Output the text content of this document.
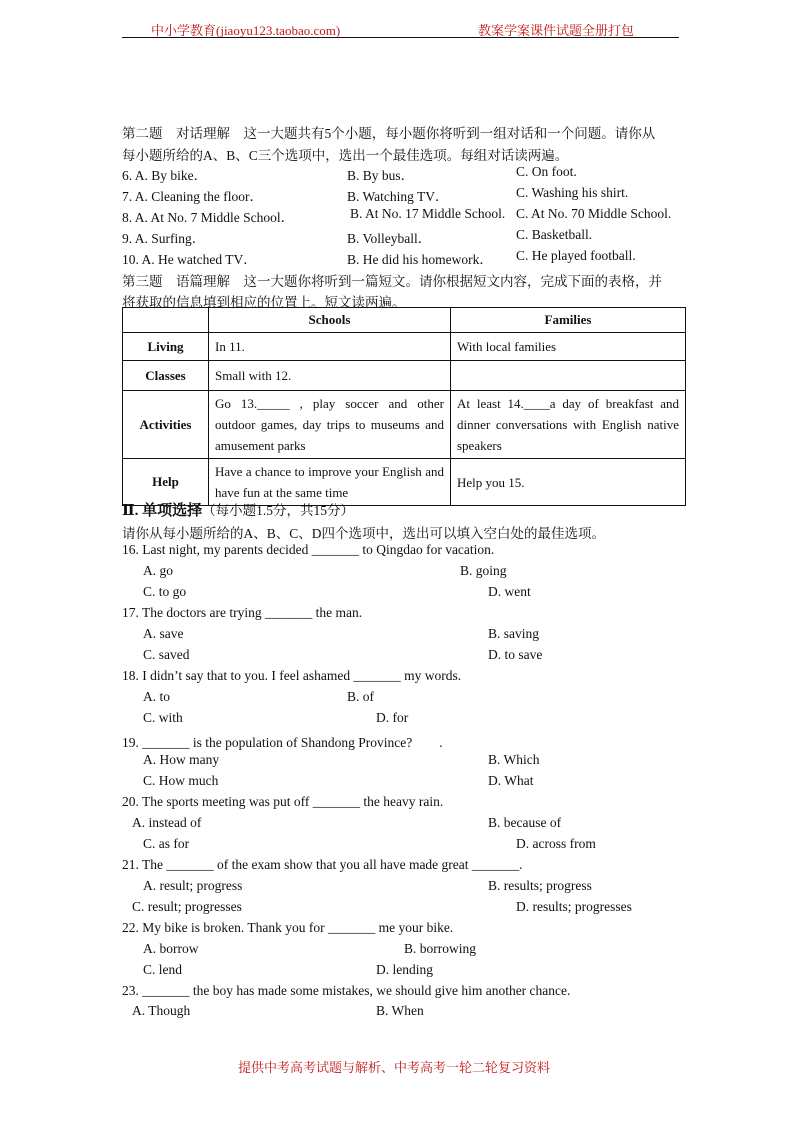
中小学教育(jiaoyu123.taobao.com)	教案学案课件试题全册打包
第二题　对话理解　这一大题共有5个小题，每小题你将听到一组对话和一个问题。请你从
每小题所给的A、B、C三个选项中，选出一个最佳选项。每组对话读两遍。
6. A. By bike．	B. By bus．	C. On foot.
7. A. Cleaning the floor．	B. Watching TV．	C. Washing his shirt.
8. A. At No. 7 Middle School．	B. At No. 17 Middle School. C. At No. 70 Middle School.
9. A. Surfing．	B. Volleyball．	C. Basketball.
10. A. He watched TV．	B. He did his homework． C. He played football.
第三题　语篇理解　这一大题你将听到一篇短文。请你根据短文内容，完成下面的表格，并
将获取的信息填到相应的位置上。短文读两遍。
	Schools	Families
Living	In 11.	With local families
Classes	Small with 12.	
Activities	Go 13._____ , play soccer and other outdoor games, day trips to museums and amusement parks	At least 14.____a day of breakfast and dinner conversations with English native speakers
Help	Have a chance to improve your English and have fun at the same time	Help you 15.
Ⅱ. 单项选择（每小题1.5分，共15分）
请你从每小题所给的A、B、C、D四个选项中，选出可以填入空白处的最佳选项。
16. Last night, my parents decided _______ to Qingdao for vacation.
A. go	B. going
C. to go	D. went
17. The doctors are trying _______ the man.
A. save	B. saving
C. saved	D. to save
18. I didn’t say that to you. I feel ashamed _______ my words.
A. to	B. of
C. with	D. for
19. _______ is the population of Shandong Province?　　.
A. How many	B. Which
C. How much	D. What
20. The sports meeting was put off _______ the heavy rain.
A. instead of	B. because of
C. as for	D. across from
21. The _______ of the exam show that you all have made great _______.
A. result; progress	B. results; progress
C. result; progresses	D. results; progresses
22. My bike is broken. Thank you for _______ me your bike.
A. borrow	B. borrowing
C. lend	D. lending
23. _______ the boy has made some mistakes, we should give him another chance.
A. Though	B. When
提供中考高考试题与解析、中考高考一轮二轮复习资料
